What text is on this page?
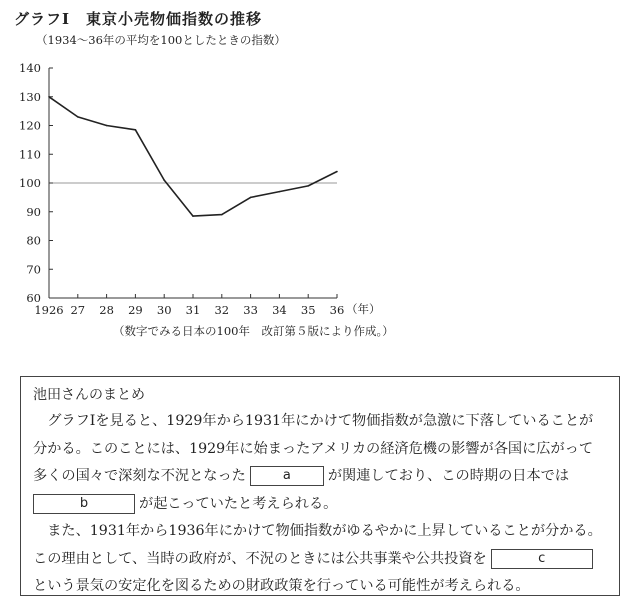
グラフⅠ　東京小売物価指数の推移
（1934〜36年の平均を100としたときの指数）
60
70
80
90
100
110
120
130
140
1926 27 28 29 30 31 32 33 34 35 36 （年）
（数字でみる日本の100年　改訂第５版により作成。）
池田さんのまとめ

　グラフⅠを見ると、1929年から1931年にかけて物価指数が急激に下落していることが分かる。このことには、1929年に始まったアメリカの経済危機の影響が各国に広がって多くの国々で深刻な不況となった	a	が関連しており、この時期の日本ではb	が起こっていたと考えられる。

　また、1931年から1936年にかけて物価指数がゆるやかに上昇していることが分かる。この理由として、当時の政府が、不況のときには公共事業や公共投資を	cという景気の安定化を図るための財政政策を行っている可能性が考えられる。
